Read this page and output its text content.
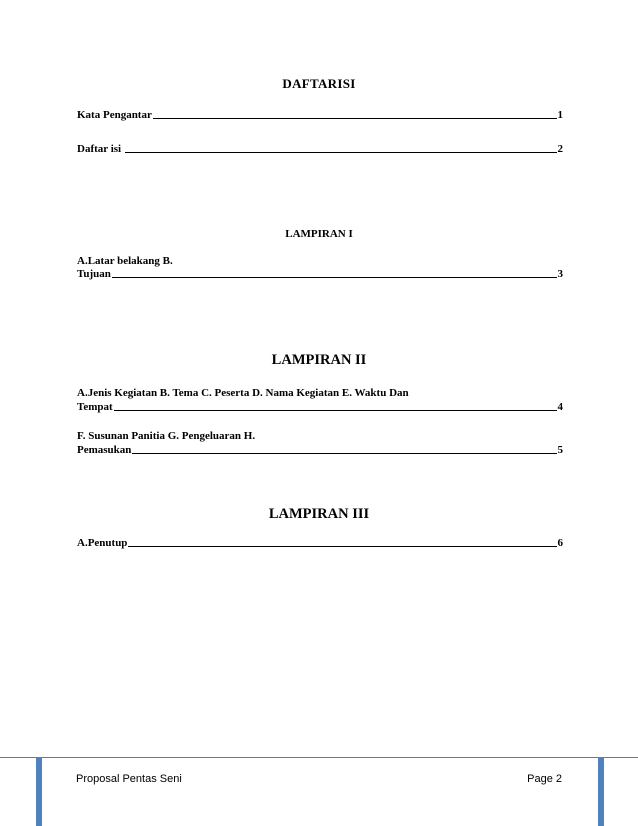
DAFTARISI
Kata Pengantar	1
Daftar isi	2
LAMPIRAN I
A.Latar belakang B.
Tujuan	3
LAMPIRAN II
A.Jenis Kegiatan B. Tema C. Peserta D. Nama Kegiatan E. Waktu Dan
Tempat	4
F. Susunan Panitia G. Pengeluaran H.
Pemasukan	5
LAMPIRAN III
A.Penutup	6
Proposal Pentas Seni	Page 2
